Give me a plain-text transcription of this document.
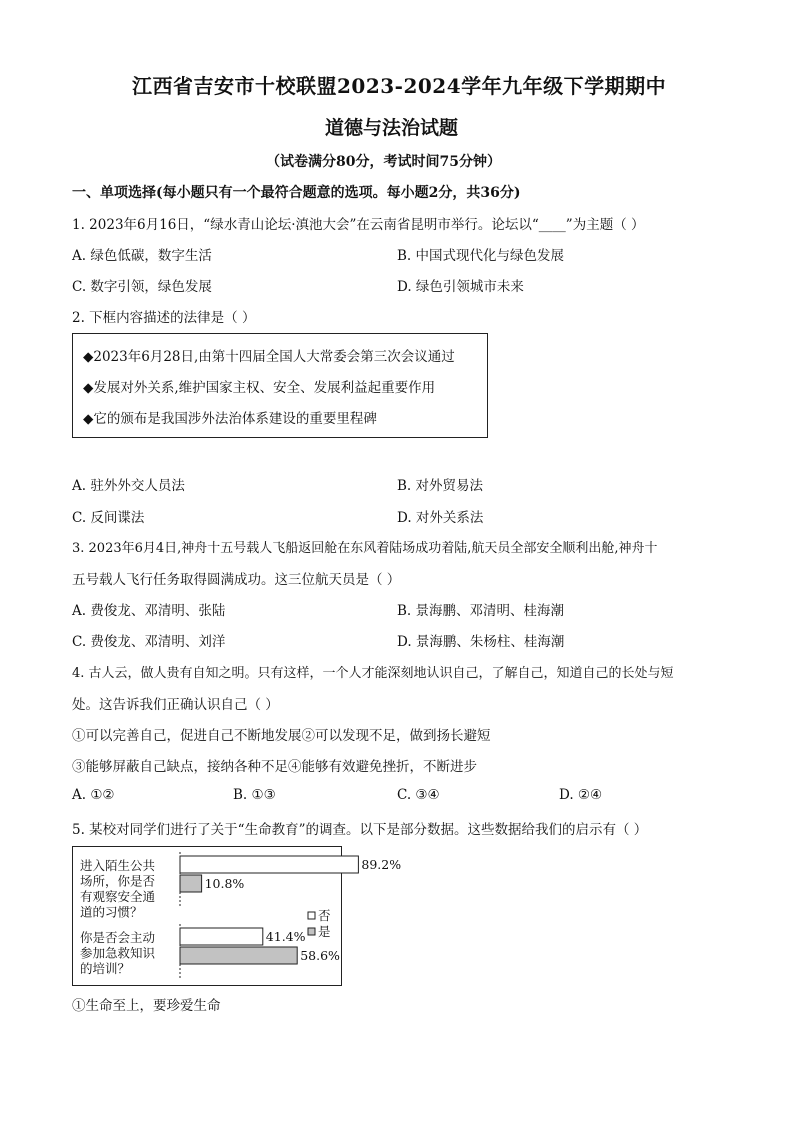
江西省吉安市十校联盟2023-2024学年九年级下学期期中
道德与法治试题
（试卷满分80分，考试时间75分钟）
一、单项选择(每小题只有一个最符合题意的选项。每小题2分，共36分)
1. 2023年6月16日，“绿水青山论坛·滇池大会”在云南省昆明市举行。论坛以“____”为主题（ ）
A. 绿色低碳，数字生活	B. 中国式现代化与绿色发展
C. 数字引领，绿色发展	D. 绿色引领城市未来
2. 下框内容描述的法律是（ ）
◆2023年6月28日,由第十四届全国人大常委会第三次会议通过
◆发展对外关系,维护国家主权、安全、发展利益起重要作用
◆它的颁布是我国涉外法治体系建设的重要里程碑
A. 驻外外交人员法	B. 对外贸易法
C. 反间谍法	D. 对外关系法
3. 2023年6月4日,神舟十五号载人飞船返回舱在东风着陆场成功着陆,航天员全部安全顺利出舱,神舟十
五号载人飞行任务取得圆满成功。这三位航天员是（ ）
A. 费俊龙、邓清明、张陆	B. 景海鹏、邓清明、桂海潮
C. 费俊龙、邓清明、刘洋	D. 景海鹏、朱杨柱、桂海潮
4. 古人云，做人贵有自知之明。只有这样，一个人才能深刻地认识自己，了解自己，知道自己的长处与短
处。这告诉我们正确认识自己（ ）
①可以完善自己，促进自己不断地发展②可以发现不足，做到扬长避短
③能够屏蔽自己缺点，接纳各种不足④能够有效避免挫折，不断进步
A. ①②	B. ①③	C. ③④	D. ②④
5. 某校对同学们进行了关于“生命教育”的调查。以下是部分数据。这些数据给我们的启示有（ ）
进入陌生公共
场所，你是否
有观察安全通
道的习惯？
89.2%
10.8%
你是否会主动
参加急救知识
的培训？
41.4%
58.6%
否
是
①生命至上，要珍爱生命
